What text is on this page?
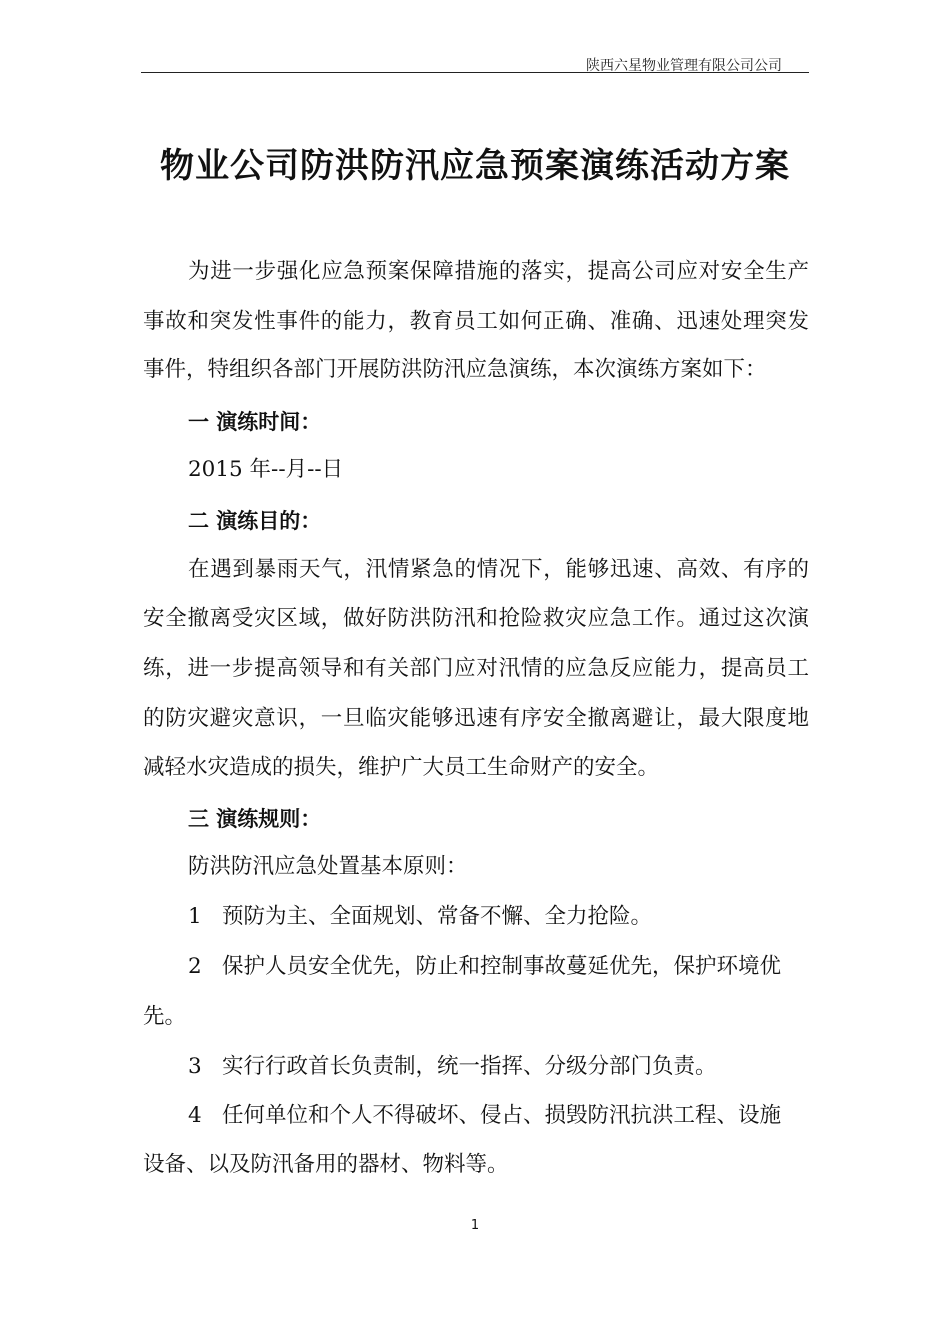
陕西六星物业管理有限公司公司
物业公司防洪防汛应急预案演练活动方案
为进一步强化应急预案保障措施的落实，提高公司应对安全生产
事故和突发性事件的能力，教育员工如何正确、准确、迅速处理突发
事件，特组织各部门开展防洪防汛应急演练，本次演练方案如下：
一 演练时间：
2015 年--月--日
二 演练目的：
在遇到暴雨天气，汛情紧急的情况下，能够迅速、高效、有序的
安全撤离受灾区域，做好防洪防汛和抢险救灾应急工作。通过这次演
练，进一步提高领导和有关部门应对汛情的应急反应能力，提高员工
的防灾避灾意识，一旦临灾能够迅速有序安全撤离避让，最大限度地
减轻水灾造成的损失，维护广大员工生命财产的安全。
三 演练规则：
防洪防汛应急处置基本原则：
1 预防为主、全面规划、常备不懈、全力抢险。
2 保护人员安全优先，防止和控制事故蔓延优先，保护环境优
先。
3 实行行政首长负责制，统一指挥、分级分部门负责。
4 任何单位和个人不得破坏、侵占、损毁防汛抗洪工程、设施
设备、以及防汛备用的器材、物料等。
1
